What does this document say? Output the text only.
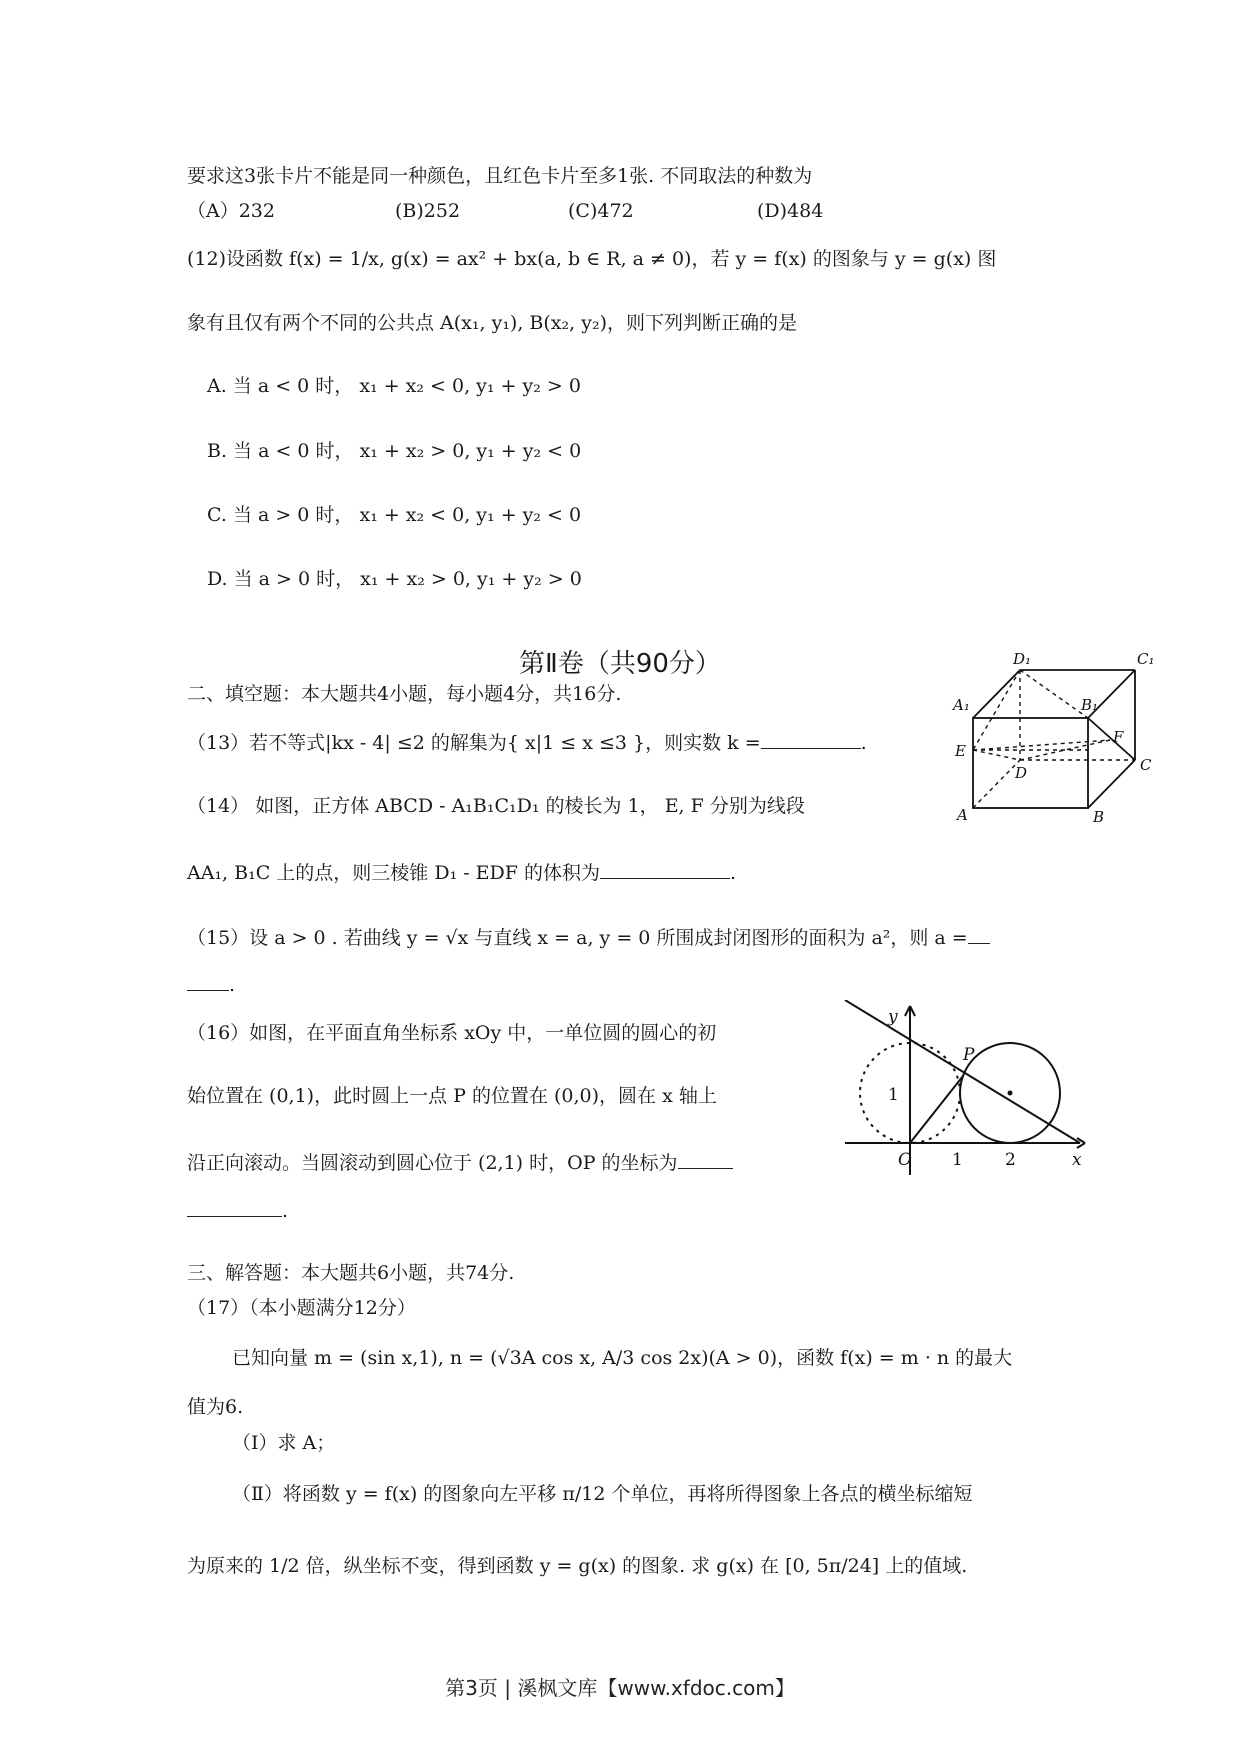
要求这3张卡片不能是同一种颜色，且红色卡片至多1张. 不同取法的种数为
（A）232	(B)252	(C)472	(D)484
(12)设函数 f(x) = 1/x, g(x) = ax² + bx(a, b ∈ R, a ≠ 0)，若 y = f(x) 的图象与 y = g(x) 图
象有且仅有两个不同的公共点 A(x₁, y₁), B(x₂, y₂)，则下列判断正确的是
A. 当 a < 0 时， x₁ + x₂ < 0, y₁ + y₂ > 0
B. 当 a < 0 时， x₁ + x₂ > 0, y₁ + y₂ < 0
C. 当 a > 0 时， x₁ + x₂ < 0, y₁ + y₂ < 0
D. 当 a > 0 时， x₁ + x₂ > 0, y₁ + y₂ > 0
第Ⅱ卷（共90分）
二、填空题：本大题共4小题，每小题4分，共16分.
（13）若不等式|kx - 4| ≤2 的解集为{ x|1 ≤ x ≤3 }，则实数 k =	.
（14） 如图，正方体 ABCD - A₁B₁C₁D₁ 的棱长为 1， E, F 分别为线段
AA₁, B₁C 上的点，则三棱锥 D₁ - EDF 的体积为	.
（15）设 a > 0 . 若曲线 y = √x 与直线 x = a, y = 0 所围成封闭图形的面积为 a²，则 a =
.
（16）如图，在平面直角坐标系 xOy 中，一单位圆的圆心的初
始位置在 (0,1)，此时圆上一点 P 的位置在 (0,0)，圆在 x 轴上
沿正向滚动。当圆滚动到圆心位于 (2,1) 时，OP 的坐标为
.
三、解答题：本大题共6小题，共74分.
（17）（本小题满分12分）
已知向量 m = (sin x,1), n = (√3A cos x, A/3 cos 2x)(A > 0)，函数 f(x) = m · n 的最大
值为6.
（Ⅰ）求 A；
（Ⅱ）将函数 y = f(x) 的图象向左平移 π/12 个单位，再将所得图象上各点的横坐标缩短
为原来的 1/2 倍，纵坐标不变，得到函数 y = g(x) 的图象. 求 g(x) 在 [0, 5π/24] 上的值域.
D₁	C₁
A₁	B₁
E
F
D	C
A	B
y
P
1
O 1 2	x
第3页 | 溪枫文库【www.xfdoc.com】
